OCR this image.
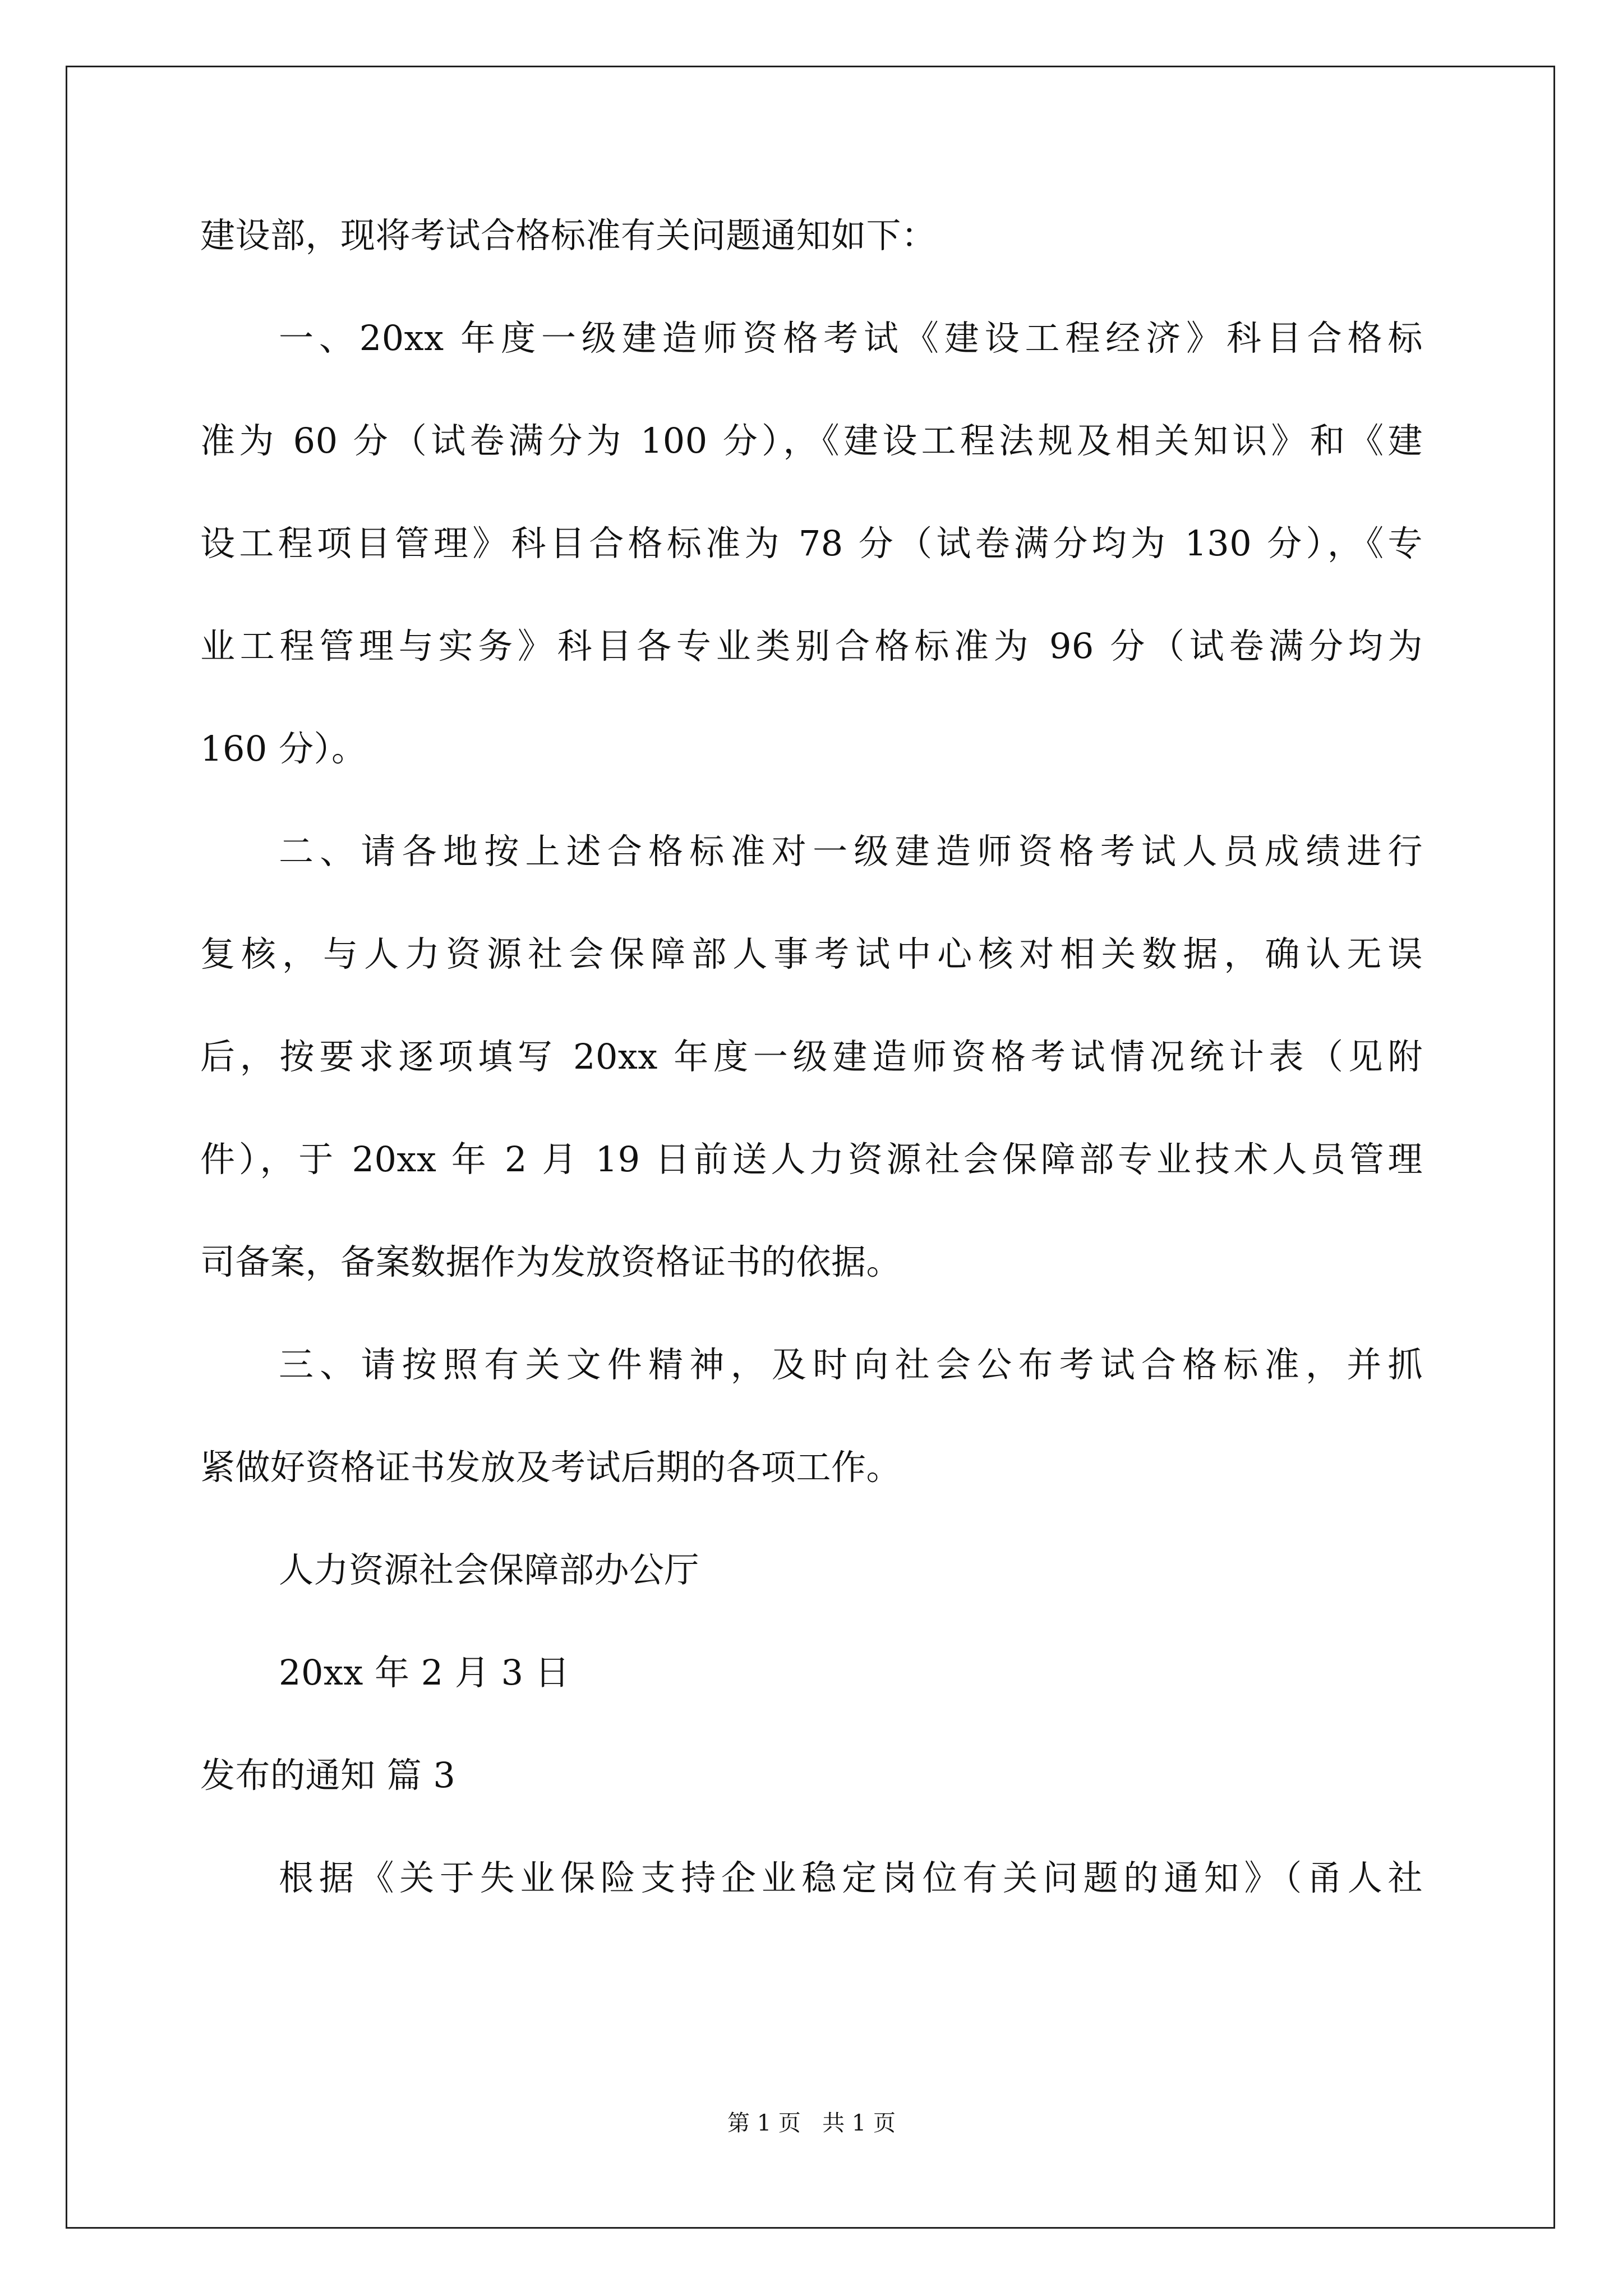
建设部，现将考试合格标准有关问题通知如下：
一、20xx 年度一级建造师资格考试《建设工程经济》科目合格标
准为 60 分（试卷满分为 100 分），《建设工程法规及相关知识》和《建
设工程项目管理》科目合格标准为 78 分（试卷满分均为 130 分），《专
业工程管理与实务》科目各专业类别合格标准为 96 分（试卷满分均为
160 分）。
二、请各地按上述合格标准对一级建造师资格考试人员成绩进行
复核，与人力资源社会保障部人事考试中心核对相关数据，确认无误
后，按要求逐项填写 20xx 年度一级建造师资格考试情况统计表（见附
件），于 20xx 年 2 月 19 日前送人力资源社会保障部专业技术人员管理
司备案，备案数据作为发放资格证书的依据。
三、请按照有关文件精神，及时向社会公布考试合格标准，并抓
紧做好资格证书发放及考试后期的各项工作。
人力资源社会保障部办公厅
20xx 年 2 月 3 日
发布的通知 篇 3
根据《关于失业保险支持企业稳定岗位有关问题的通知》（甬人社
第 1 页   共 1 页
